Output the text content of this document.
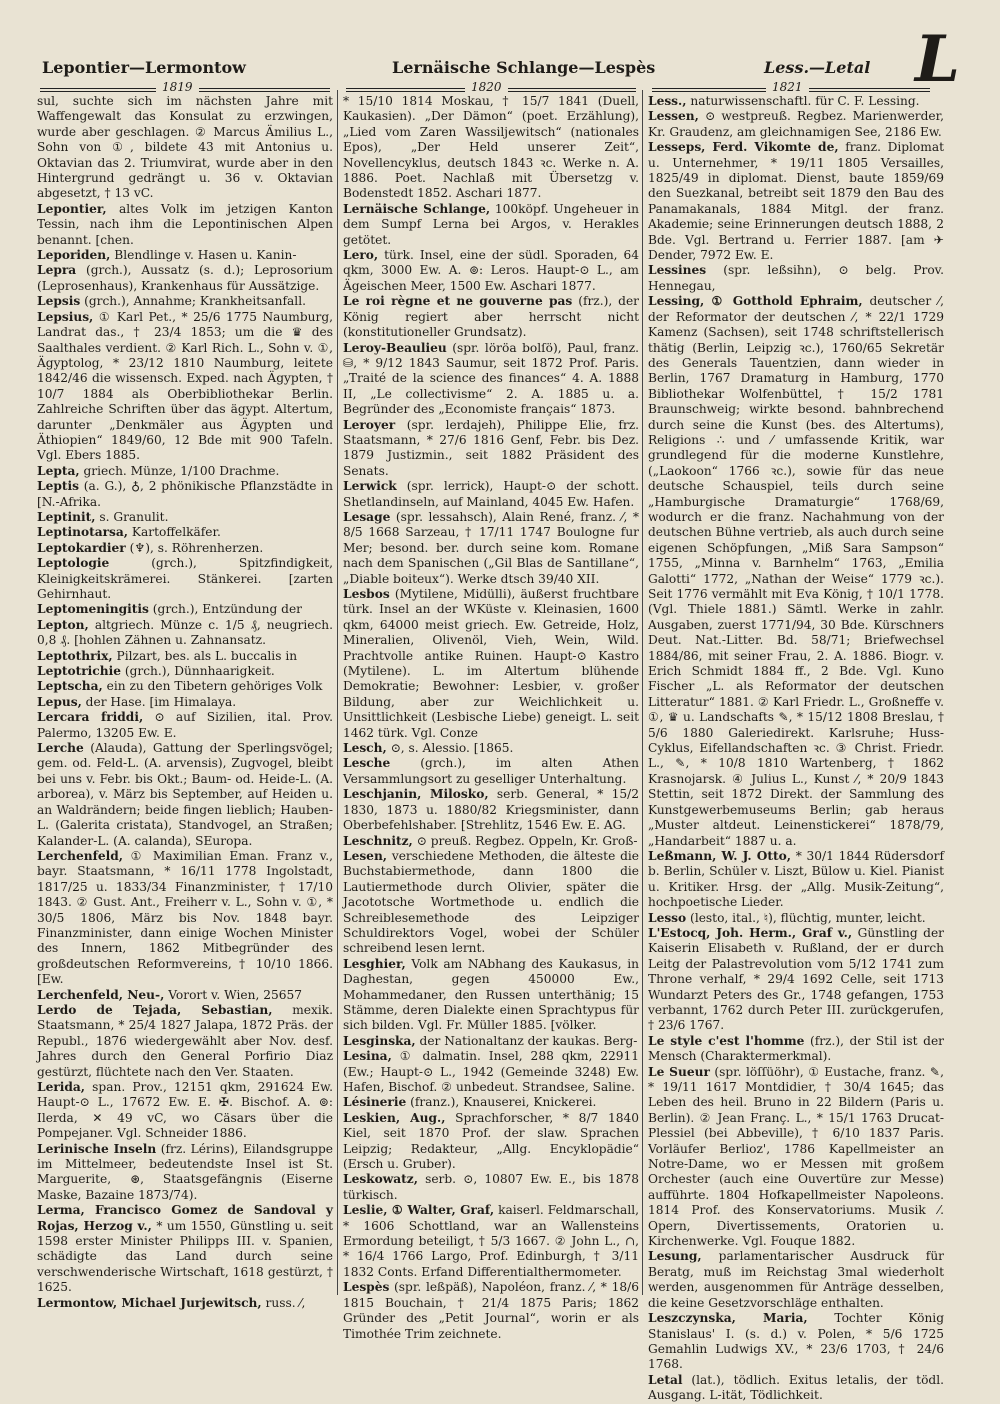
Lepontier—Lermontow	Lernäische Schlange—Lespès	Less.—Letal L
1819	1820	1821

sul, suchte sich im nächsten Jahre mit Waffengewalt das Konsulat zu erzwingen, wurde aber geschlagen. ② Marcus Ämilius L., Sohn von ①, bildete 43 mit Antonius u. Oktavian das 2. Triumvirat, wurde aber in den Hintergrund gedrängt u. 36 v. Oktavian abgesetzt, † 13 vC.

Lepontier, altes Volk im jetzigen Kanton Tessin, nach ihm die Lepontinischen Alpen benannt. [chen.

Leporiden, Blendlinge v. Hasen u. Kanin-

Lepra (grch.), Aussatz (s. d.); Leprosorium (Leprosenhaus), Krankenhaus für Aussätzige.

Lepsis (grch.), Annahme; Krankheitsanfall.

Lepsius, ① Karl Pet., * 25/6 1775 Naumburg, Landrat das., † 23/4 1853; um die ♛ des Saalthales verdient. ② Karl Rich. L., Sohn v. ①, Ägyptolog, * 23/12 1810 Naumburg, leitete 1842/46 die wissensch. Exped. nach Ägypten, † 10/7 1884 als Oberbibliothekar Berlin. Zahlreiche Schriften über das ägypt. Altertum, darunter „Denkmäler aus Ägypten und Äthiopien“ 1849/60, 12 Bde mit 900 Tafeln. Vgl. Ebers 1885.

Lepta, griech. Münze, 1/100 Drachme.

Leptis (a. G.), ♁, 2 phönikische Pflanzstädte in [N.-Afrika.

Leptinit, s. Granulit.

Leptinotarsa, Kartoffelkäfer.

Leptokardier (♆), s. Röhrenherzen.

Leptologie (grch.), Spitzfindigkeit, Kleinigkeitskrämerei. Stänkerei. [zarten Gehirnhaut.

Leptomeningitis (grch.), Entzündung der

Lepton, altgriech. Münze c. 1/5 ₰, neugriech. 0,8 ₰. [hohlen Zähnen u. Zahnansatz.

Leptothrix, Pilzart, bes. als L. buccalis in

Leptotrichie (grch.), Dünnhaarigkeit.

Leptscha, ein zu den Tibetern gehöriges Volk

Lepus, der Hase. [im Himalaya.

Lercara friddi, ⊙ auf Sizilien, ital. Prov. Palermo, 13205 Ew. E.

Lerche (Alauda), Gattung der Sperlingsvögel; gem. od. Feld-L. (A. arvensis), Zugvogel, bleibt bei uns v. Febr. bis Okt.; Baum- od. Heide-L. (A. arborea), v. März bis September, auf Heiden u. an Waldrändern; beide fingen lieblich; Hauben-L. (Galerita cristata), Standvogel, an Straßen; Kalander-L. (A. calanda), SEuropa.

Lerchenfeld, ① Maximilian Eman. Franz v., bayr. Staatsmann, * 16/11 1778 Ingolstadt, 1817/25 u. 1833/34 Finanzminister, † 17/10 1843. ② Gust. Ant., Freiherr v. L., Sohn v. ①, * 30/5 1806, März bis Nov. 1848 bayr. Finanzminister, dann einige Wochen Minister des Innern, 1862 Mitbegründer des großdeutschen Reformvereins, † 10/10 1866. [Ew.

Lerchenfeld, Neu-, Vorort v. Wien, 25657

Lerdo de Tejada, Sebastian, mexik. Staatsmann, * 25/4 1827 Jalapa, 1872 Präs. der Republ., 1876 wiedergewählt aber Nov. desf. Jahres durch den General Porfirio Diaz gestürzt, flüchtete nach den Ver. Staaten.

Lerida, span. Prov., 12151 qkm, 291624 Ew. Haupt-⊙ L., 17672 Ew. E. ✠. Bischof. A. ⊚: Ilerda, ✕ 49 vC, wo Cäsars über die Pompejaner. Vgl. Schneider 1886.

Lerinische Inseln (frz. Lérins), Eilandsgruppe im Mittelmeer, bedeutendste Insel ist St. Marguerite, ⊛, Staatsgefängnis (Eiserne Maske, Bazaine 1873/74).

Lerma, Francisco Gomez de Sandoval y Rojas, Herzog v., * um 1550, Günstling u. seit 1598 erster Minister Philipps III. v. Spanien, schädigte das Land durch seine verschwenderische Wirtschaft, 1618 gestürzt, † 1625.

Lermontow, Michael Jurjewitsch, russ. ⁄,

* 15/10 1814 Moskau, † 15/7 1841 (Duell, Kaukasien). „Der Dämon“ (poet. Erzählung), „Lied vom Zaren Wassiljewitsch“ (nationales Epos), „Der Held unserer Zeit“, Novellencyklus, deutsch 1843 ꝛc. Werke n. A. 1886. Poet. Nachlaß mit Übersetzg v. Bodenstedt 1852. Aschari 1877.

Lernäische Schlange, 100köpf. Ungeheuer in dem Sumpf Lerna bei Argos, v. Herakles getötet.

Lero, türk. Insel, eine der südl. Sporaden, 64 qkm, 3000 Ew. A. ⊚: Leros. Haupt-⊙ L., am Ägeischen Meer, 1500 Ew. Aschari 1877.

Le roi règne et ne gouverne pas (frz.), der König regiert aber herrscht nicht (konstitutioneller Grundsatz).

Leroy-Beaulieu (spr. löröa bolſö), Paul, franz. ⛁, * 9/12 1843 Saumur, seit 1872 Prof. Paris. „Traité de la science des finances“ 4. A. 1888 II, „Le collectivisme“ 2. A. 1885 u. a. Begründer des „Economiste français“ 1873.

Leroyer (spr. lerdajeh), Philippe Elie, frz. Staatsmann, * 27/6 1816 Genf, Febr. bis Dez. 1879 Justizmin., seit 1882 Präsident des Senats.

Lerwick (spr. lerrick), Haupt-⊙ der schott. Shetlandinseln, auf Mainland, 4045 Ew. Hafen.

Lesage (spr. lessahsch), Alain René, franz. ⁄, * 8/5 1668 Sarzeau, † 17/11 1747 Boulogne fur Mer; besond. ber. durch seine kom. Romane nach dem Spanischen („Gil Blas de Santillane“, „Diable boiteux“). Werke dtsch 39/40 XII.

Lesbos (Mytilene, Midülli), äußerst fruchtbare türk. Insel an der WKüste v. Kleinasien, 1600 qkm, 64000 meist griech. Ew. Getreide, Holz, Mineralien, Olivenöl, Vieh, Wein, Wild. Prachtvolle antike Ruinen. Haupt-⊙ Kastro (Mytilene). L. im Altertum blühende Demokratie; Bewohner: Lesbier, v. großer Bildung, aber zur Weichlichkeit u. Unsittlichkeit (Lesbische Liebe) geneigt. L. seit 1462 türk. Vgl. Conze

Lesch, ⊙, s. Alessio. [1865.

Lesche (grch.), im alten Athen Versammlungsort zu geselliger Unterhaltung.

Leschjanin, Milosko, serb. General, * 15/2 1830, 1873 u. 1880/82 Kriegsminister, dann Oberbefehlshaber. [Strehlitz, 1546 Ew. E. AG.

Leschnitz, ⊙ preuß. Regbez. Oppeln, Kr. Groß-

Lesen, verschiedene Methoden, die älteste die Buchstabiermethode, dann 1800 die Lautiermethode durch Olivier, später die Jacototsche Wortmethode u. endlich die Schreiblesemethode des Leipziger Schuldirektors Vogel, wobei der Schüler schreibend lesen lernt.

Lesghier, Volk am NAbhang des Kaukasus, in Daghestan, gegen 450000 Ew., Mohammedaner, den Russen unterthänig; 15 Stämme, deren Dialekte einen Sprachtypus für sich bilden. Vgl. Fr. Müller 1885. [völker.

Lesginska, der Nationaltanz der kaukas. Berg-

Lesina, ① dalmatin. Insel, 288 qkm, 22911 (Ew.; Haupt-⊙ L., 1942 (Gemeinde 3248) Ew. Hafen, Bischof. ② unbedeut. Strandsee, Saline.

Lésinerie (franz.), Knauserei, Knickerei.

Leskien, Aug., Sprachforscher, * 8/7 1840 Kiel, seit 1870 Prof. der slaw. Sprachen Leipzig; Redakteur, „Allg. Encyklopädie“ (Ersch u. Gruber).

Leskowatz, serb. ⊙, 10807 Ew. E., bis 1878 türkisch.

Leslie, ① Walter, Graf, kaiserl. Feldmarschall, * 1606 Schottland, war an Wallensteins Ermordung beteiligt, † 5/3 1667. ② John L., ∩, * 16/4 1766 Largo, Prof. Edinburgh, † 3/11 1832 Conts. Erfand Differentialthermometer.

Lespès (spr. leßpäß), Napoléon, franz. ⁄, * 18/6 1815 Bouchain, † 21/4 1875 Paris; 1862 Gründer des „Petit Journal“, worin er als Timothée Trim zeichnete.

Less., naturwissenschaftl. für C. F. Lessing.

Lessen, ⊙ westpreuß. Regbez. Marienwerder, Kr. Graudenz, am gleichnamigen See, 2186 Ew.

Lesseps, Ferd. Vikomte de, franz. Diplomat u. Unternehmer, * 19/11 1805 Versailles, 1825/49 in diplomat. Dienst, baute 1859/69 den Suezkanal, betreibt seit 1879 den Bau des Panamakanals, 1884 Mitgl. der franz. Akademie; seine Erinnerungen deutsch 1888, 2 Bde. Vgl. Bertrand u. Ferrier 1887. [am ✈ Dender, 7972 Ew. E.

Lessines (spr. leßsihn), ⊙ belg. Prov. Hennegau,

Lessing, ① Gotthold Ephraim, deutscher ⁄, der Reformator der deutschen ⁄, * 22/1 1729 Kamenz (Sachsen), seit 1748 schriftstellerisch thätig (Berlin, Leipzig ꝛc.), 1760/65 Sekretär des Generals Tauentzien, dann wieder in Berlin, 1767 Dramaturg in Hamburg, 1770 Bibliothekar Wolfenbüttel, † 15/2 1781 Braunschweig; wirkte besond. bahnbrechend durch seine die Kunst (bes. des Altertums), Religions ∴ und ⁄ umfassende Kritik, war grundlegend für die moderne Kunstlehre, („Laokoon“ 1766 ꝛc.), sowie für das neue deutsche Schauspiel, teils durch seine „Hamburgische Dramaturgie“ 1768/69, wodurch er die franz. Nachahmung von der deutschen Bühne vertrieb, als auch durch seine eigenen Schöpfungen, „Miß Sara Sampson“ 1755, „Minna v. Barnhelm“ 1763, „Emilia Galotti“ 1772, „Nathan der Weise“ 1779 ꝛc.). Seit 1776 vermählt mit Eva König, † 10/1 1778. (Vgl. Thiele 1881.) Sämtl. Werke in zahlr. Ausgaben, zuerst 1771/94, 30 Bde. Kürschners Deut. Nat.-Litter. Bd. 58/71; Briefwechsel 1884/86, mit seiner Frau, 2. A. 1886. Biogr. v. Erich Schmidt 1884 ff., 2 Bde. Vgl. Kuno Fischer „L. als Reformator der deutschen Litteratur“ 1881. ② Karl Friedr. L., Großneffe v. ①, ♛ u. Landschafts ✎, * 15/12 1808 Breslau, † 5/6 1880 Galeriedirekt. Karlsruhe; Huss-Cyklus, Eifellandschaften ꝛc. ③ Christ. Friedr. L., ✎, * 10/8 1810 Wartenberg, † 1862 Krasnojarsk. ④ Julius L., Kunst ⁄, * 20/9 1843 Stettin, seit 1872 Direkt. der Sammlung des Kunstgewerbemuseums Berlin; gab heraus „Muster altdeut. Leinenstickerei“ 1878/79, „Handarbeit“ 1887 u. a.

Leßmann, W. J. Otto, * 30/1 1844 Rüdersdorf b. Berlin, Schüler v. Liszt, Bülow u. Kiel. Pianist u. Kritiker. Hrsg. der „Allg. Musik-Zeitung“, hochpoetische Lieder.

Lesso (lesto, ital., ♮), flüchtig, munter, leicht.

L'Estocq, Joh. Herm., Graf v., Günstling der Kaiserin Elisabeth v. Rußland, der er durch Leitg der Palastrevolution vom 5/12 1741 zum Throne verhalf, * 29/4 1692 Celle, seit 1713 Wundarzt Peters des Gr., 1748 gefangen, 1753 verbannt, 1762 durch Peter III. zurückgerufen, † 23/6 1767.

Le style c'est l'homme (frz.), der Stil ist der Mensch (Charaktermerkmal).

Le Sueur (spr. löſſüöhr), ① Eustache, franz. ✎, * 19/11 1617 Montdidier, † 30/4 1645; das Leben des heil. Bruno in 22 Bildern (Paris u. Berlin). ② Jean Franç. L., * 15/1 1763 Drucat-Plessiel (bei Abbeville), † 6/10 1837 Paris. Vorläufer Berlioz', 1786 Kapellmeister an Notre-Dame, wo er Messen mit großem Orchester (auch eine Ouvertüre zur Messe) aufführte. 1804 Hofkapellmeister Napoleons. 1814 Prof. des Konservatoriums. Musik ⁄. Opern, Divertissements, Oratorien u. Kirchenwerke. Vgl. Fouque 1882.

Lesung, parlamentarischer Ausdruck für Beratg, muß im Reichstag 3mal wiederholt werden, ausgenommen für Anträge desselben, die keine Gesetzvorschläge enthalten.

Leszczynska, Maria, Tochter König Stanislaus' I. (s. d.) v. Polen, * 5/6 1725 Gemahlin Ludwigs XV., * 23/6 1703, † 24/6 1768.

Letal (lat.), tödlich. Exitus letalis, der tödl. Ausgang. L-ität, Tödlichkeit.
